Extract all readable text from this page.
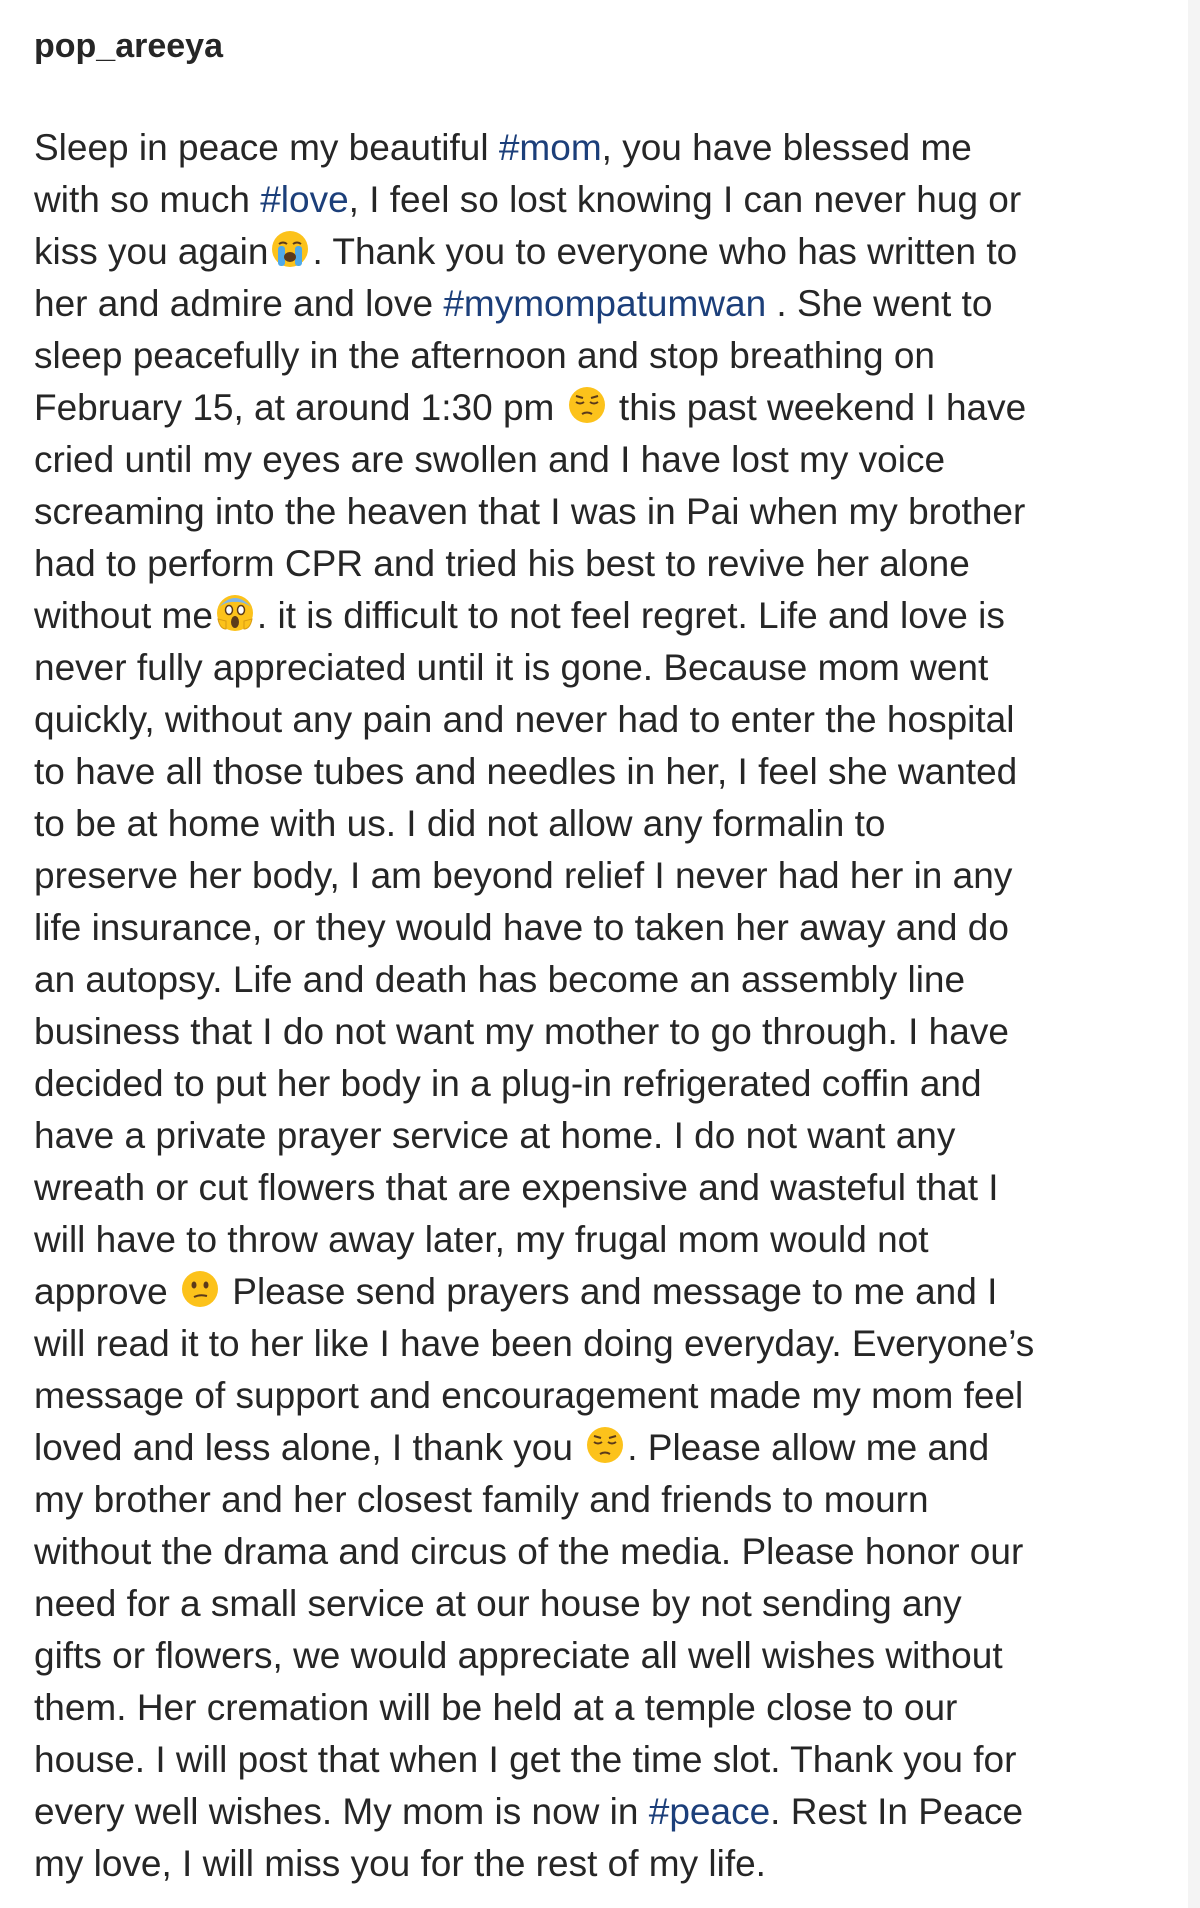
pop_areeya
Sleep in peace my beautiful #mom, you have blessed me
with so much #love, I feel so lost knowing I can never hug or
kiss you again . Thank you to everyone who has written to
her and admire and love #mymompatumwan . She went to
sleep peacefully in the afternoon and stop breathing on
February 15, at around 1:30 pm
this past weekend I have
cried until my eyes are swollen and I have lost my voice
screaming into the heaven that I was in Pai when my brother
had to perform CPR and tried his best to revive her alone
without me . it is difficult to not feel regret. Life and love is
never fully appreciated until it is gone. Because mom went
quickly, without any pain and never had to enter the hospital
to have all those tubes and needles in her, I feel she wanted
to be at home with us. I did not allow any formalin to
preserve her body, I am beyond relief I never had her in any
life insurance, or they would have to taken her away and do
an autopsy. Life and death has become an assembly line
business that I do not want my mother to go through. I have
decided to put her body in a plug-in refrigerated coffin and
have a private prayer service at home. I do not want any
wreath or cut flowers that are expensive and wasteful that I
will have to throw away later, my frugal mom would not
approve
Please send prayers and message to me and I
will read it to her like I have been doing everyday. Everyone’s
message of support and encouragement made my mom feel
loved and less alone, I thank you
. Please allow me and
my brother and her closest family and friends to mourn
without the drama and circus of the media. Please honor our
need for a small service at our house by not sending any
gifts or flowers, we would appreciate all well wishes without
them. Her cremation will be held at a temple close to our
house. I will post that when I get the time slot. Thank you for
every well wishes. My mom is now in #peace. Rest In Peace
my love, I will miss you for the rest of my life.
